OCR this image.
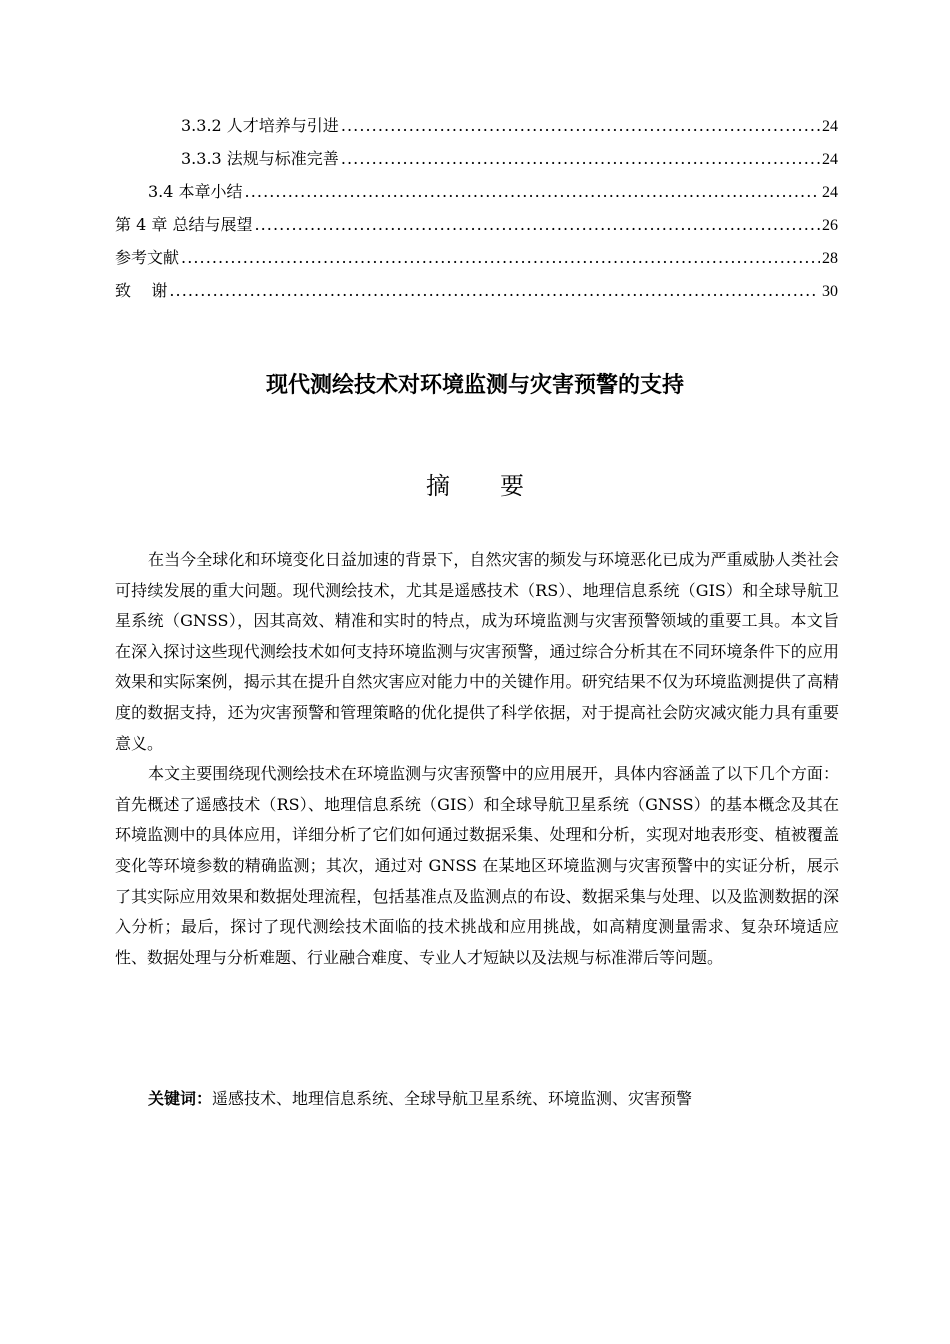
3.3.2 人才培养与引进 . . .	24
3.3.3 法规与标准完善 . . .	24
3.4 本章小结 . . .	24
第 4 章 总结与展望 . . .	26
参考文献 . . .	28
致    谢 . . .	30
现代测绘技术对环境监测与灾害预警的支持
摘要

在当今全球化和环境变化日益加速的背景下，自然灾害的频发与环境恶化已成为严重威胁人类社会可持续发展的重大问题。现代测绘技术，尤其是遥感技术（RS）、地理信息系统（GIS）和全球导航卫星系统（GNSS），因其高效、精准和实时的特点，成为环境监测与灾害预警领域的重要工具。本文旨在深入探讨这些现代测绘技术如何支持环境监测与灾害预警，通过综合分析其在不同环境条件下的应用效果和实际案例，揭示其在提升自然灾害应对能力中的关键作用。研究结果不仅为环境监测提供了高精度的数据支持，还为灾害预警和管理策略的优化提供了科学依据，对于提高社会防灾减灾能力具有重要意义。

本文主要围绕现代测绘技术在环境监测与灾害预警中的应用展开，具体内容涵盖了以下几个方面：首先概述了遥感技术（RS）、地理信息系统（GIS）和全球导航卫星系统（GNSS）的基本概念及其在环境监测中的具体应用，详细分析了它们如何通过数据采集、处理和分析，实现对地表形变、植被覆盖变化等环境参数的精确监测；其次，通过对 GNSS 在某地区环境监测与灾害预警中的实证分析，展示了其实际应用效果和数据处理流程，包括基准点及监测点的布设、数据采集与处理、以及监测数据的深入分析；最后，探讨了现代测绘技术面临的技术挑战和应用挑战，如高精度测量需求、复杂环境适应性、数据处理与分析难题、行业融合难度、专业人才短缺以及法规与标准滞后等问题。

关键词：遥感技术、地理信息系统、全球导航卫星系统、环境监测、灾害预警
